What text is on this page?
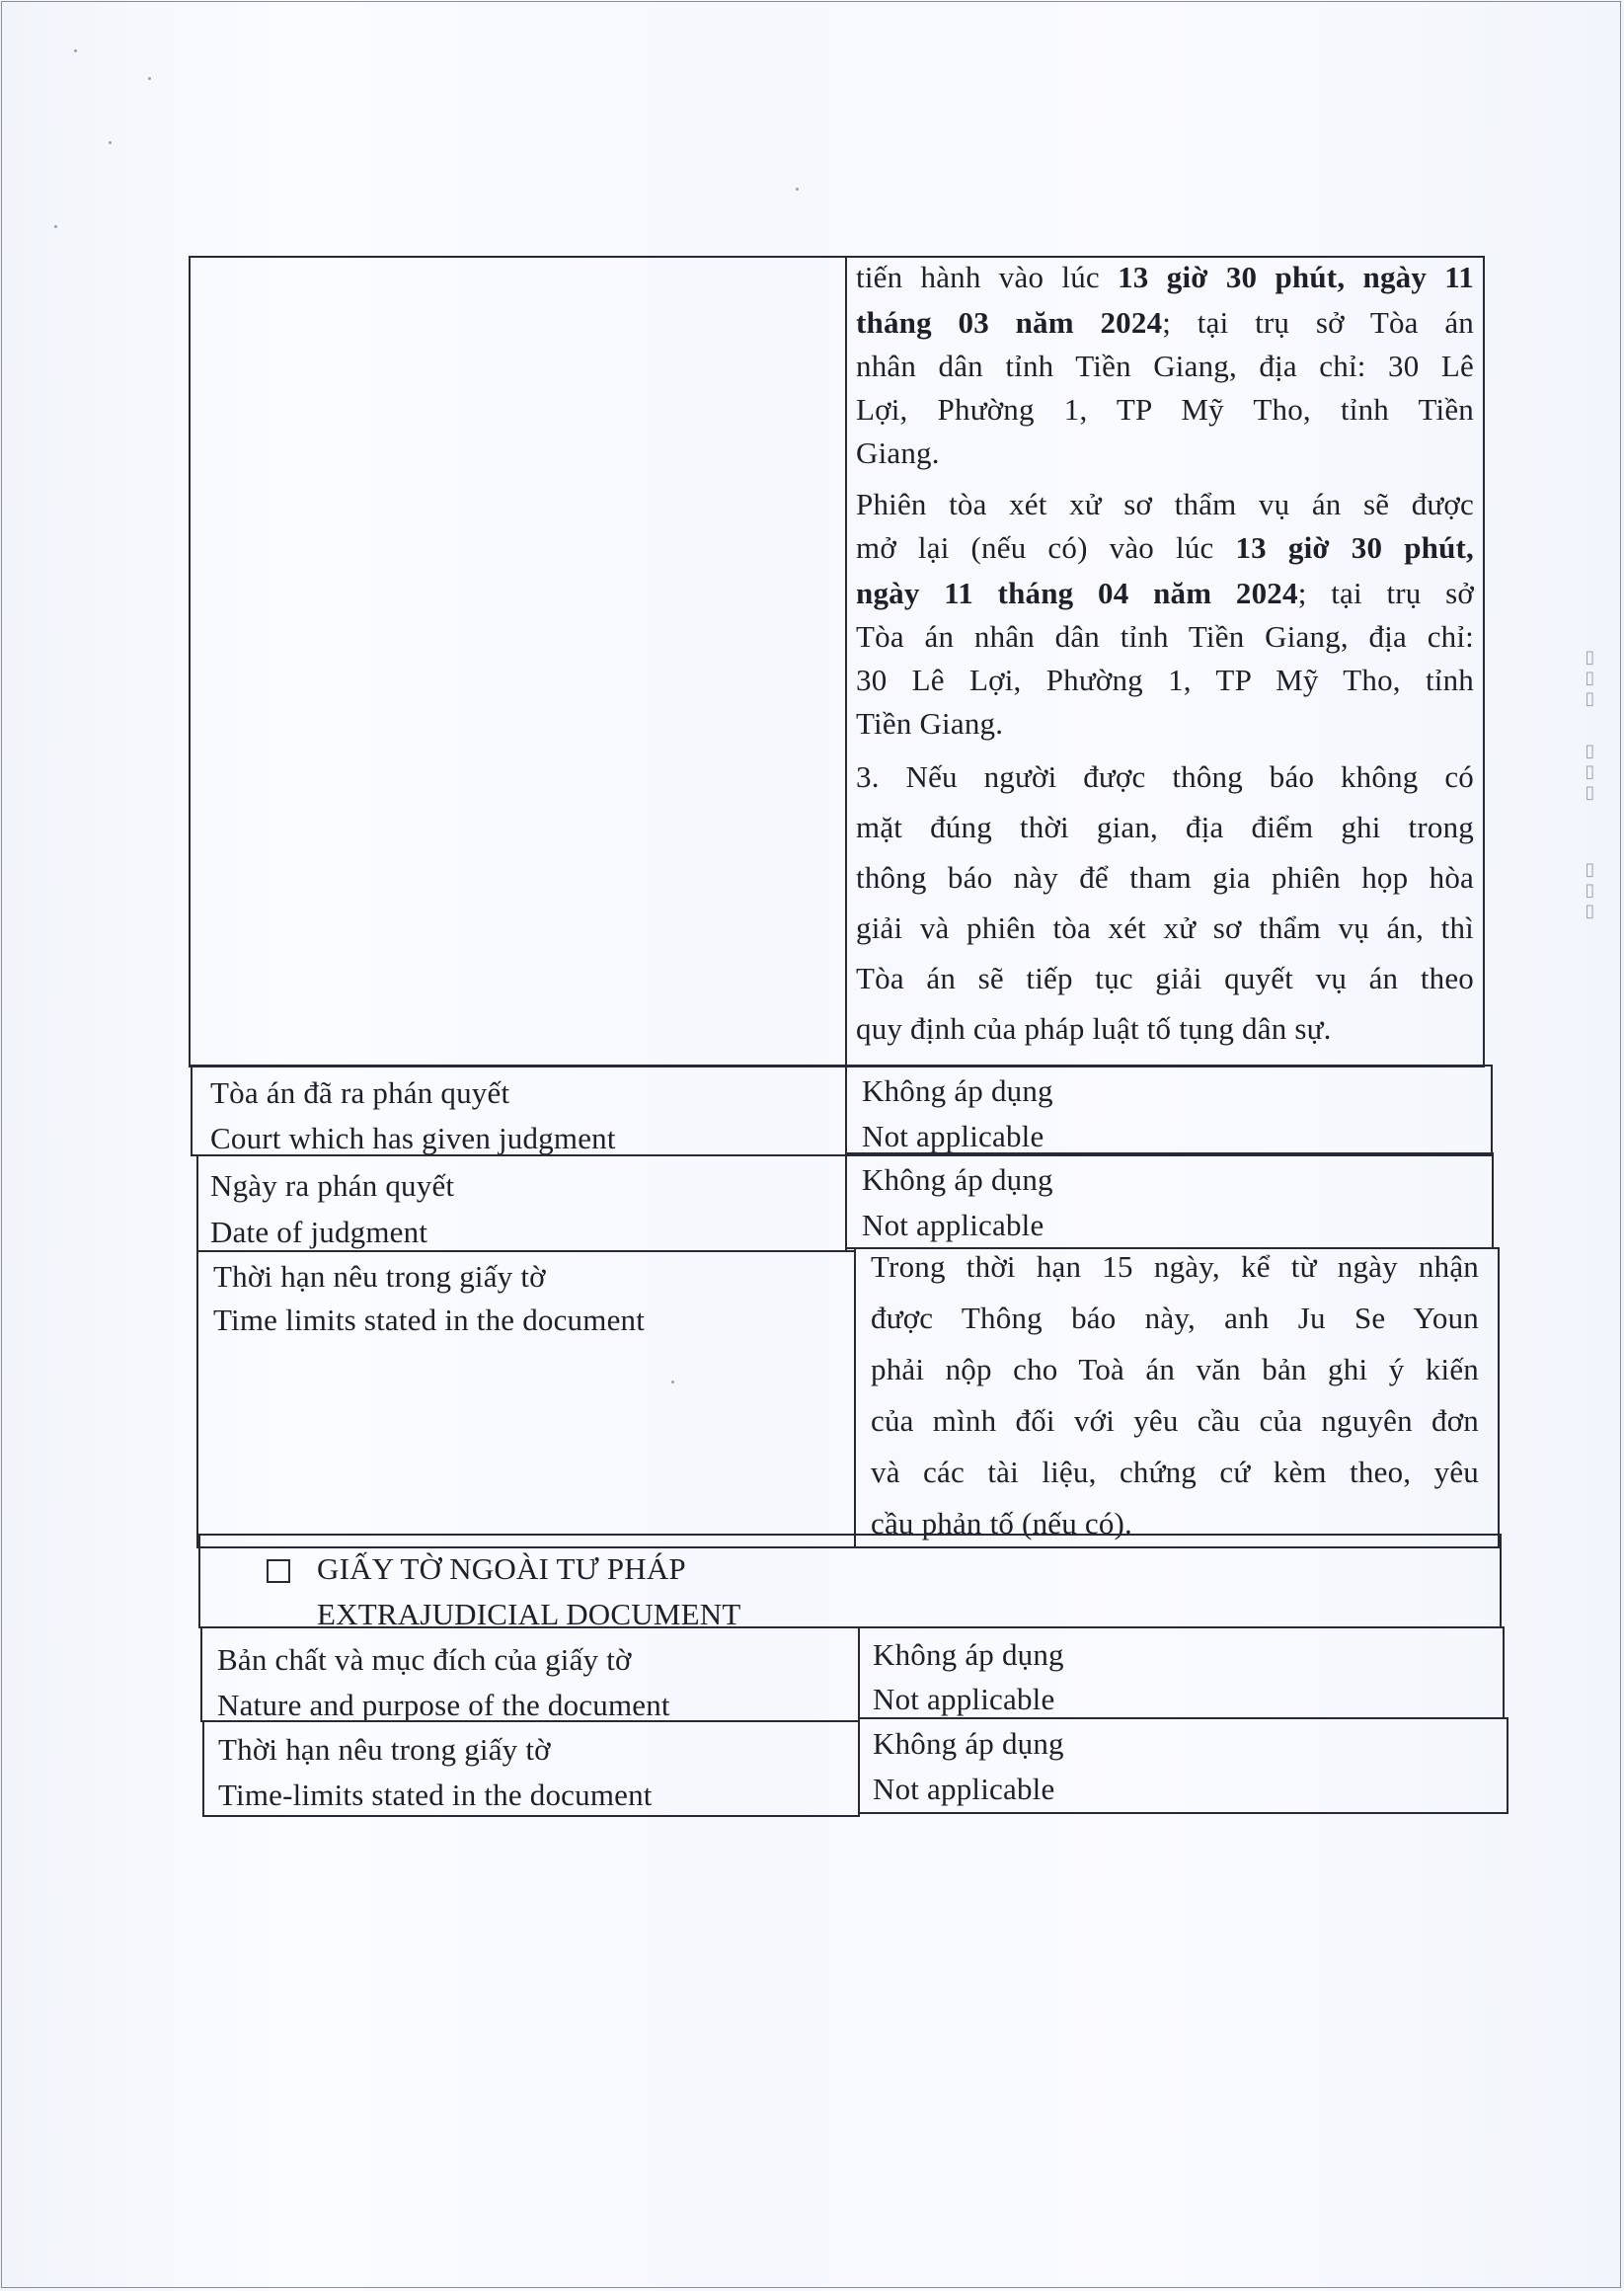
▯▯▯
▯▯▯
▯▯▯
tiến hành vào lúc 13 giờ 30 phút, ngày 11
tháng 03 năm 2024; tại trụ sở Tòa án
nhân dân tỉnh Tiền Giang, địa chỉ: 30 Lê
Lợi, Phường 1, TP Mỹ Tho, tỉnh Tiền
Giang.
Phiên tòa xét xử sơ thẩm vụ án sẽ được
mở lại (nếu có) vào lúc 13 giờ 30 phút,
ngày 11 tháng 04 năm 2024; tại trụ sở
Tòa án nhân dân tỉnh Tiền Giang, địa chỉ:
30 Lê Lợi, Phường 1, TP Mỹ Tho, tỉnh
Tiền Giang.
3. Nếu người được thông báo không có
mặt đúng thời gian, địa điểm ghi trong
thông báo này để tham gia phiên họp hòa
giải và phiên tòa xét xử sơ thẩm vụ án, thì
Tòa án sẽ tiếp tục giải quyết vụ án theo
quy định của pháp luật tố tụng dân sự.
Tòa án đã ra phán quyết
Court which has given judgment
Không áp dụng
Not applicable
Ngày ra phán quyết
Date of judgment
Không áp dụng
Not applicable
Thời hạn nêu trong giấy tờ
Time limits stated in the document
Trong thời hạn 15 ngày, kể từ ngày nhận
được Thông báo này, anh Ju Se Youn
phải nộp cho Toà án văn bản ghi ý kiến
của mình đối với yêu cầu của nguyên đơn
và các tài liệu, chứng cứ kèm theo, yêu
cầu phản tố (nếu có).
GIẤY TỜ NGOÀI TƯ PHÁP
EXTRAJUDICIAL DOCUMENT
Bản chất và mục đích của giấy tờ
Nature and purpose of the document
Không áp dụng
Not applicable
Thời hạn nêu trong giấy tờ
Time-limits stated in the document
Không áp dụng
Not applicable
